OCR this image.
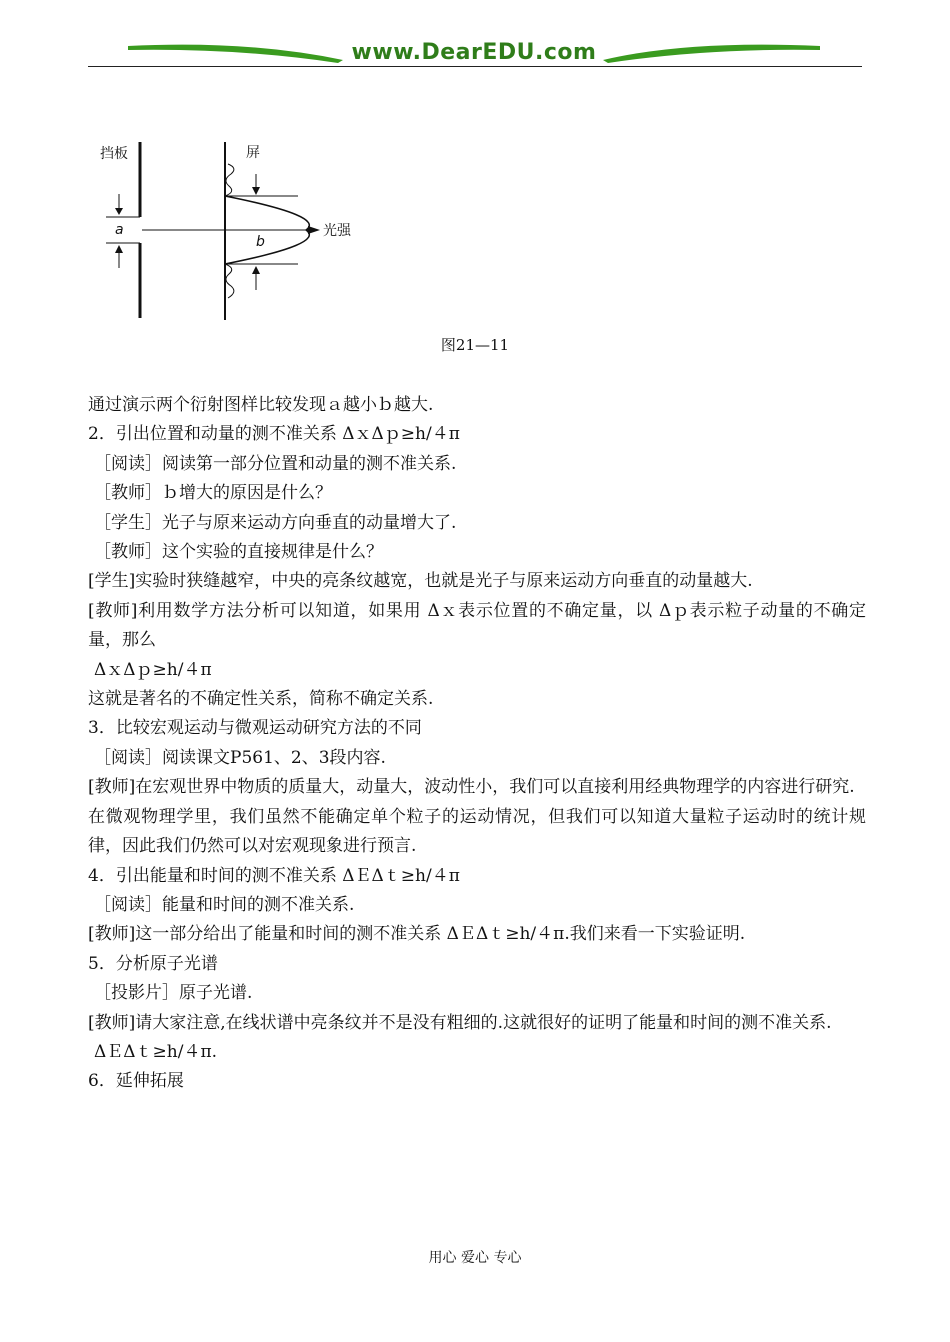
www.DearEDU.com
挡板	屏
光强
a
b
图21—11

通过演示两个衍射图样比较发现ａ越小ｂ越大.

2．引出位置和动量的测不准关系 ΔｘΔｐ≥h/４π

［阅读］阅读第一部分位置和动量的测不准关系.

［教师］ｂ增大的原因是什么？

［学生］光子与原来运动方向垂直的动量增大了.

［教师］这个实验的直接规律是什么？

[学生]实验时狭缝越窄，中央的亮条纹越宽，也就是光子与原来运动方向垂直的动量越大.

[教师]利用数学方法分析可以知道，如果用 Δｘ表示位置的不确定量，以 Δｐ表示粒子动量的不确定量，那么

ΔｘΔｐ≥h/４π

这就是著名的不确定性关系，简称不确定关系.

3．比较宏观运动与微观运动研究方法的不同

［阅读］阅读课文P561、2、3段内容.

[教师]在宏观世界中物质的质量大，动量大，波动性小，我们可以直接利用经典物理学的内容进行研究.

在微观物理学里，我们虽然不能确定单个粒子的运动情况，但我们可以知道大量粒子运动时的统计规律，因此我们仍然可以对宏观现象进行预言.

4．引出能量和时间的测不准关系 ΔＥΔｔ≥h/４π

［阅读］能量和时间的测不准关系.

[教师]这一部分给出了能量和时间的测不准关系 ΔＥΔｔ≥h/４π.我们来看一下实验证明.

5．分析原子光谱

［投影片］原子光谱.

[教师]请大家注意,在线状谱中亮条纹并不是没有粗细的.这就很好的证明了能量和时间的测不准关系.

ΔＥΔｔ≥h/４π.

6．延伸拓展

用心 爱心 专心
